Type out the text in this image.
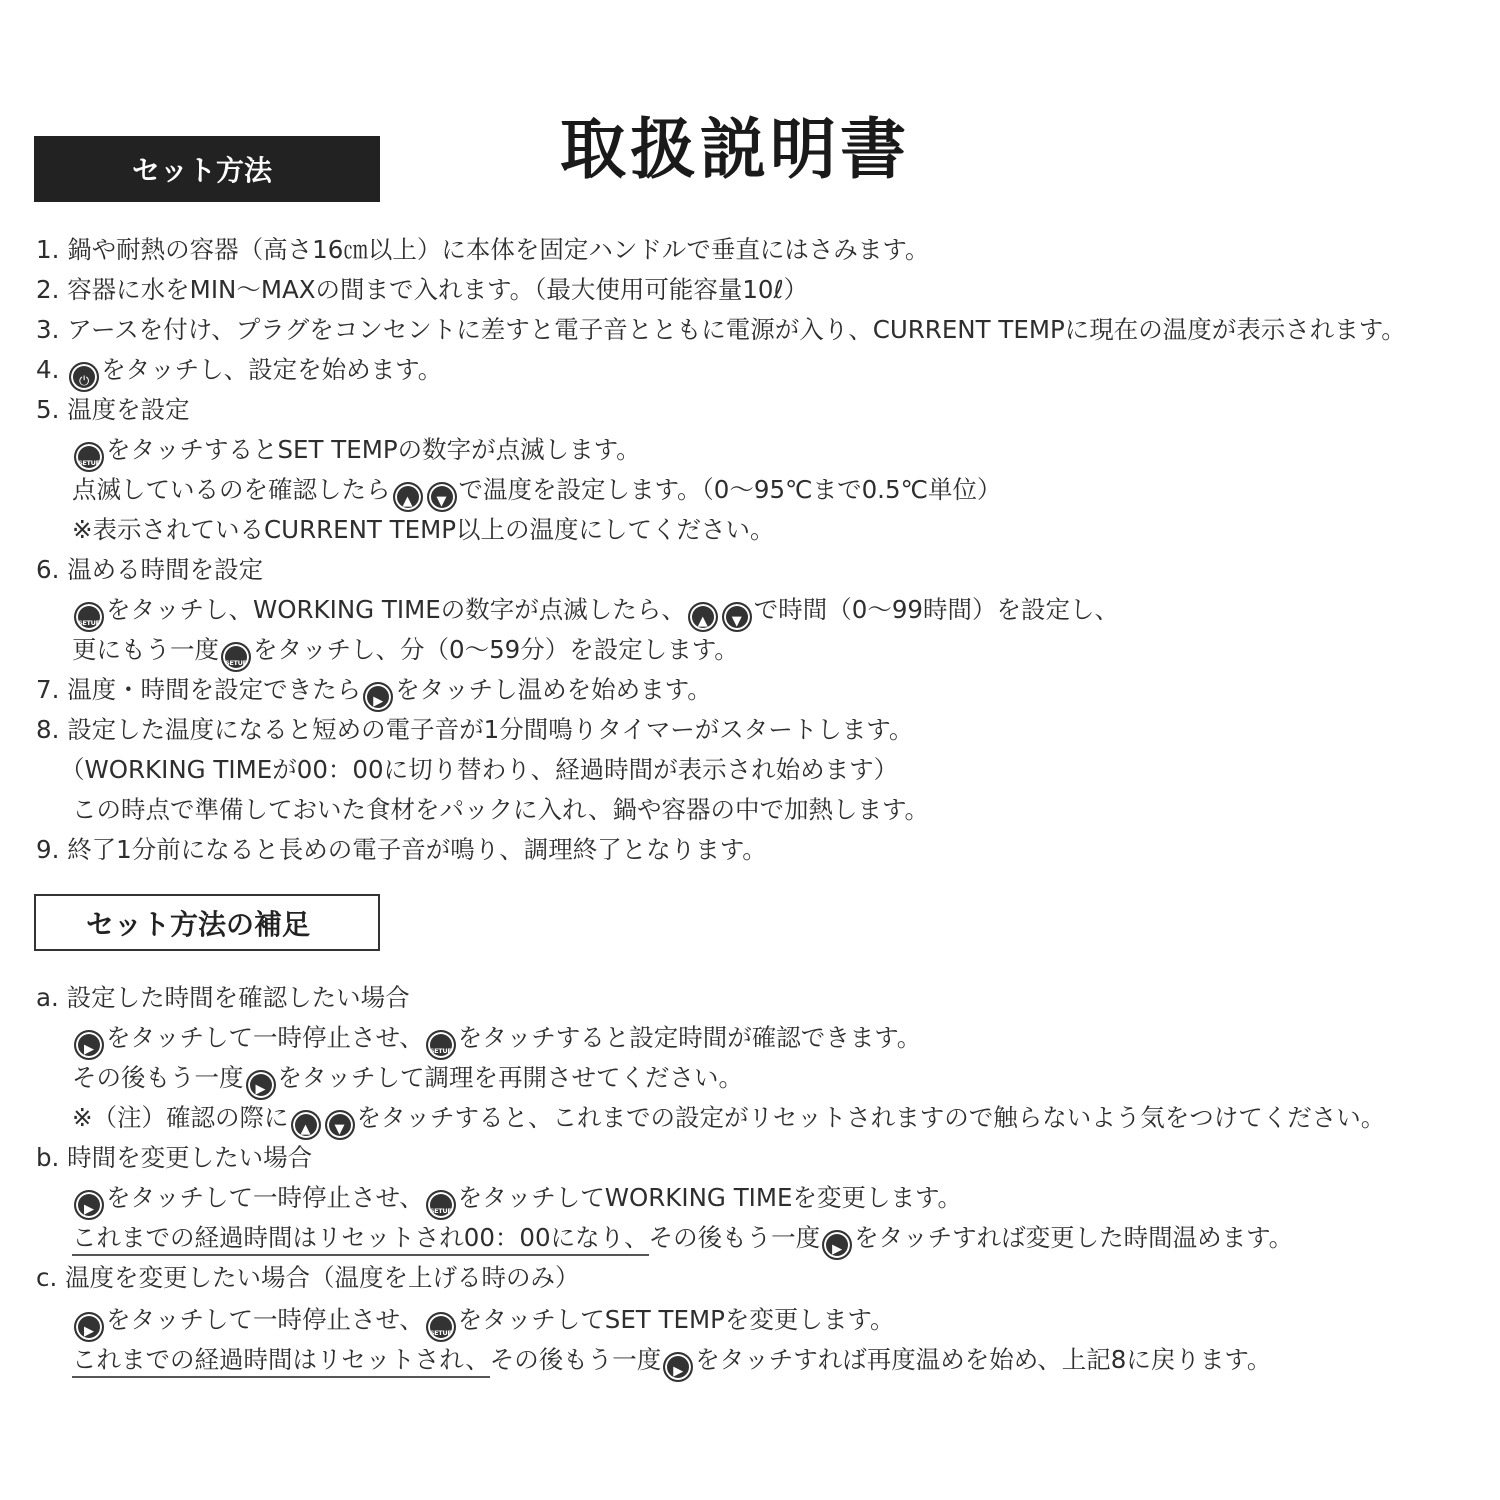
取扱説明書
セット方法
セット方法の補足
1. 鍋や耐熱の容器（高さ16㎝以上）に本体を固定ハンドルで垂直にはさみます。
2. 容器に水をMIN～MAXの間まで入れます。（最大使用可能容量10ℓ）
3. アースを付け、プラグをコンセントに差すと電子音とともに電源が入り、CURRENT TEMPに現在の温度が表示されます。
4. ⏻ をタッチし、設定を始めます。
5. 温度を設定
SETUP をタッチするとSET TEMPの数字が点滅します。
点滅しているのを確認したら ▲ ▼ で温度を設定します。（0～95℃まで0.5℃単位）
※表示されているCURRENT TEMP以上の温度にしてください。
6. 温める時間を設定
SETUP をタッチし、WORKING TIMEの数字が点滅したら、 ▲ ▼ で時間（0～99時間）を設定し、
更にもう一度 SETUP をタッチし、分（0～59分）を設定します。
7. 温度・時間を設定できたら ▶ をタッチし温めを始めます。
8. 設定した温度になると短めの電子音が1分間鳴りタイマーがスタートします。
（WORKING TIMEが00：00に切り替わり、経過時間が表示され始めます）
この時点で準備しておいた食材をパックに入れ、鍋や容器の中で加熱します。
9. 終了1分前になると長めの電子音が鳴り、調理終了となります。
a. 設定した時間を確認したい場合
▶ をタッチして一時停止させ、 SETUP をタッチすると設定時間が確認できます。
その後もう一度 ▶ をタッチして調理を再開させてください。
※（注）確認の際に ▲ ▼ をタッチすると、これまでの設定がリセットされますので触らないよう気をつけてください。
b. 時間を変更したい場合
▶ をタッチして一時停止させ、 SETUP をタッチしてWORKING TIMEを変更します。
これまでの経過時間はリセットされ00：00になり、その後もう一度 ▶ をタッチすれば変更した時間温めます。
c. 温度を変更したい場合（温度を上げる時のみ）
▶ をタッチして一時停止させ、 SETUP をタッチしてSET TEMPを変更します。
これまでの経過時間はリセットされ、その後もう一度 ▶ をタッチすれば再度温めを始め、上記8に戻ります。
